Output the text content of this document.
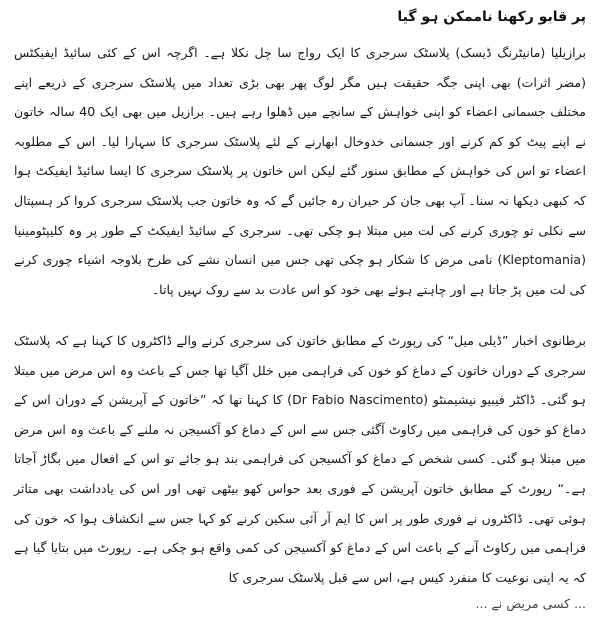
پر قابو رکھنا ناممکن ہو گیا

برازیلیا (مانیٹرنگ ڈیسک) پلاسٹک سرجری کا ایک رواج سا چل نکلا ہے۔ اگرچہ اس کے کئی سائیڈ ایفیکٹس (مضر اثرات) بھی اپنی جگہ حقیقت ہیں مگر لوگ پھر بھی بڑی تعداد میں پلاسٹک سرجری کے ذریعے اپنے مختلف جسمانی اعضاء کو اپنی خواہش کے سانچے میں ڈھلوا رہے ہیں۔ برازیل میں بھی ایک 40 سالہ خاتون نے اپنے پیٹ کو کم کرنے اور جسمانی خدوخال ابھارنے کے لئے پلاسٹک سرجری کا سہارا لیا۔ اس کے مطلوبہ اعضاء تو اس کی خواہش کے مطابق سنور گئے لیکن اس خاتون پر پلاسٹک سرجری کا ایسا سائیڈ ایفیکٹ ہوا کہ کبھی دیکھا نہ سنا۔ آپ بھی جان کر حیران رہ جائیں گے کہ وہ خاتون جب پلاسٹک سرجری کروا کر ہسپتال سے نکلی تو چوری کرنے کی لت میں مبتلا ہو چکی تھی۔ سرجری کے سائیڈ ایفیکٹ کے طور پر وہ کلیپٹومینیا (Kleptomania) نامی مرض کا شکار ہو چکی تھی جس میں انسان نشے کی طرح بلاوجہ اشیاء چوری کرنے کی لت میں پڑ جاتا ہے اور چاہتے ہوئے بھی خود کو اس عادت بد سے روک نہیں پاتا۔

برطانوی اخبار ”ڈیلی میل“ کی رپورٹ کے مطابق خاتون کی سرجری کرنے والے ڈاکٹروں کا کہنا ہے کہ پلاسٹک سرجری کے دوران خاتون کے دماغ کو خون کی فراہمی میں خلل آگیا تھا جس کے باعث وہ اس مرض میں مبتلا ہو گئی۔ ڈاکٹر فیبیو نیشیمنٹو (Dr Fabio Nascimento) کا کہنا تھا کہ ”خاتون کے آپریشن کے دوران اس کے دماغ کو خون کی فراہمی میں رکاوٹ آگئی جس سے اس کے دماغ کو آکسیجن نہ ملنے کے باعث وہ اس مرض میں مبتلا ہو گئی۔ کسی شخص کے دماغ کو آکسیجن کی فراہمی بند ہو جائے تو اس کے افعال میں بگاڑ آجاتا ہے۔“ رپورٹ کے مطابق خاتون آپریشن کے فوری بعد حواس کھو بیٹھی تھی اور اس کی یادداشت بھی متاثر ہوئی تھی۔ ڈاکٹروں نے فوری طور پر اس کا ایم آر آئی سکین کرنے کو کہا جس سے انکشاف ہوا کہ خون کی فراہمی میں رکاوٹ آنے کے باعث اس کے دماغ کو آکسیجن کی کمی واقع ہو چکی ہے۔ رپورٹ میں بتایا گیا ہے کہ یہ اپنی نوعیت کا منفرد کیس ہے، اس سے قبل پلاسٹک سرجری کا

... کسی مریض نے ...
